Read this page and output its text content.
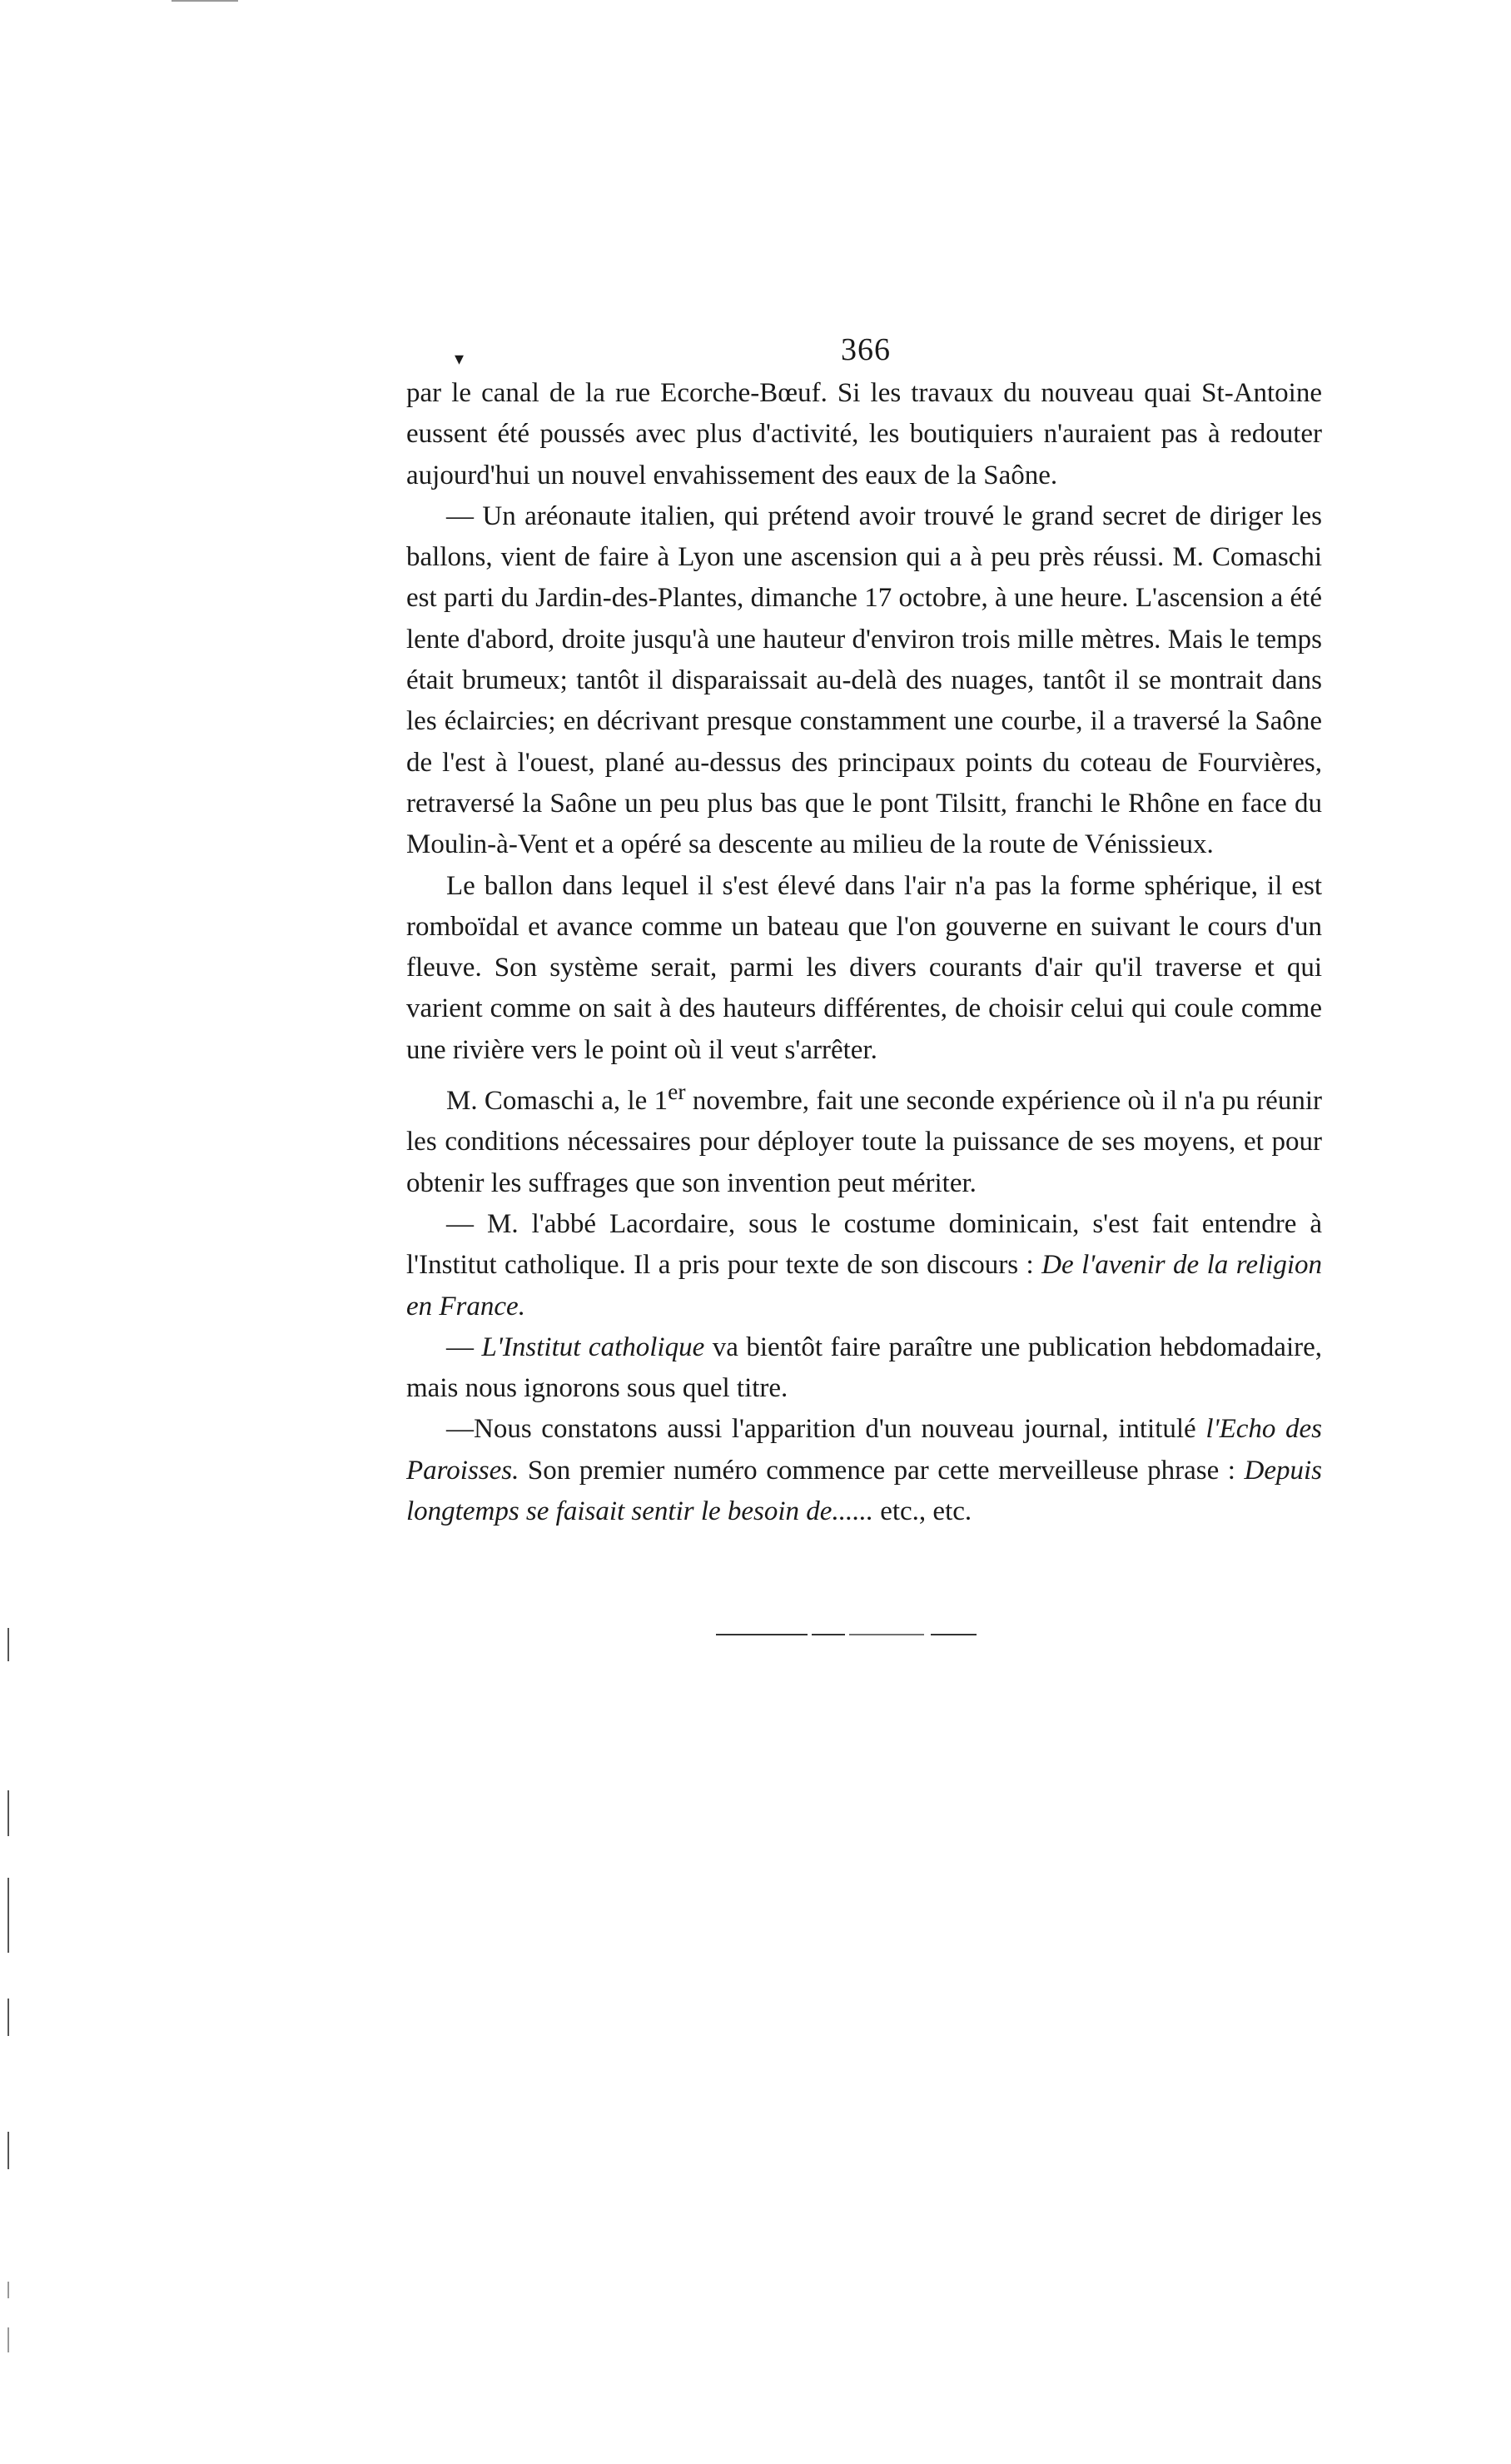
▾	366

par le canal de la rue Ecorche-Bœuf. Si les travaux du nouveau quai St-Antoine eussent été poussés avec plus d'activité, les boutiquiers n'auraient pas à redouter aujourd'hui un nouvel envahissement des eaux de la Saône.

— Un aréonaute italien, qui prétend avoir trouvé le grand secret de diriger les ballons, vient de faire à Lyon une ascension qui a à peu près réussi. M. Comaschi est parti du Jardin-des-Plantes, dimanche 17 octobre, à une heure. L'ascension a été lente d'abord, droite jusqu'à une hauteur d'environ trois mille mètres. Mais le temps était brumeux; tantôt il disparaissait au-delà des nuages, tantôt il se montrait dans les éclaircies; en décrivant presque constamment une courbe, il a traversé la Saône de l'est à l'ouest, plané au-dessus des principaux points du coteau de Fourvières, retraversé la Saône un peu plus bas que le pont Tilsitt, franchi le Rhône en face du Moulin-à-Vent et a opéré sa descente au milieu de la route de Vénissieux.

Le ballon dans lequel il s'est élevé dans l'air n'a pas la forme sphérique, il est romboïdal et avance comme un bateau que l'on gouverne en suivant le cours d'un fleuve. Son système serait, parmi les divers courants d'air qu'il traverse et qui varient comme on sait à des hauteurs différentes, de choisir celui qui coule comme une rivière vers le point où il veut s'arrêter.

M. Comaschi a, le 1er novembre, fait une seconde expérience où il n'a pu réunir les conditions nécessaires pour déployer toute la puissance de ses moyens, et pour obtenir les suffrages que son invention peut mériter.

— M. l'abbé Lacordaire, sous le costume dominicain, s'est fait entendre à l'Institut catholique. Il a pris pour texte de son discours : De l'avenir de la religion en France.

— L'Institut catholique va bientôt faire paraître une publication hebdomadaire, mais nous ignorons sous quel titre.

—Nous constatons aussi l'apparition d'un nouveau journal, intitulé l'Echo des Paroisses. Son premier numéro commence par cette merveilleuse phrase : Depuis longtemps se faisait sentir le besoin de...... etc., etc.
